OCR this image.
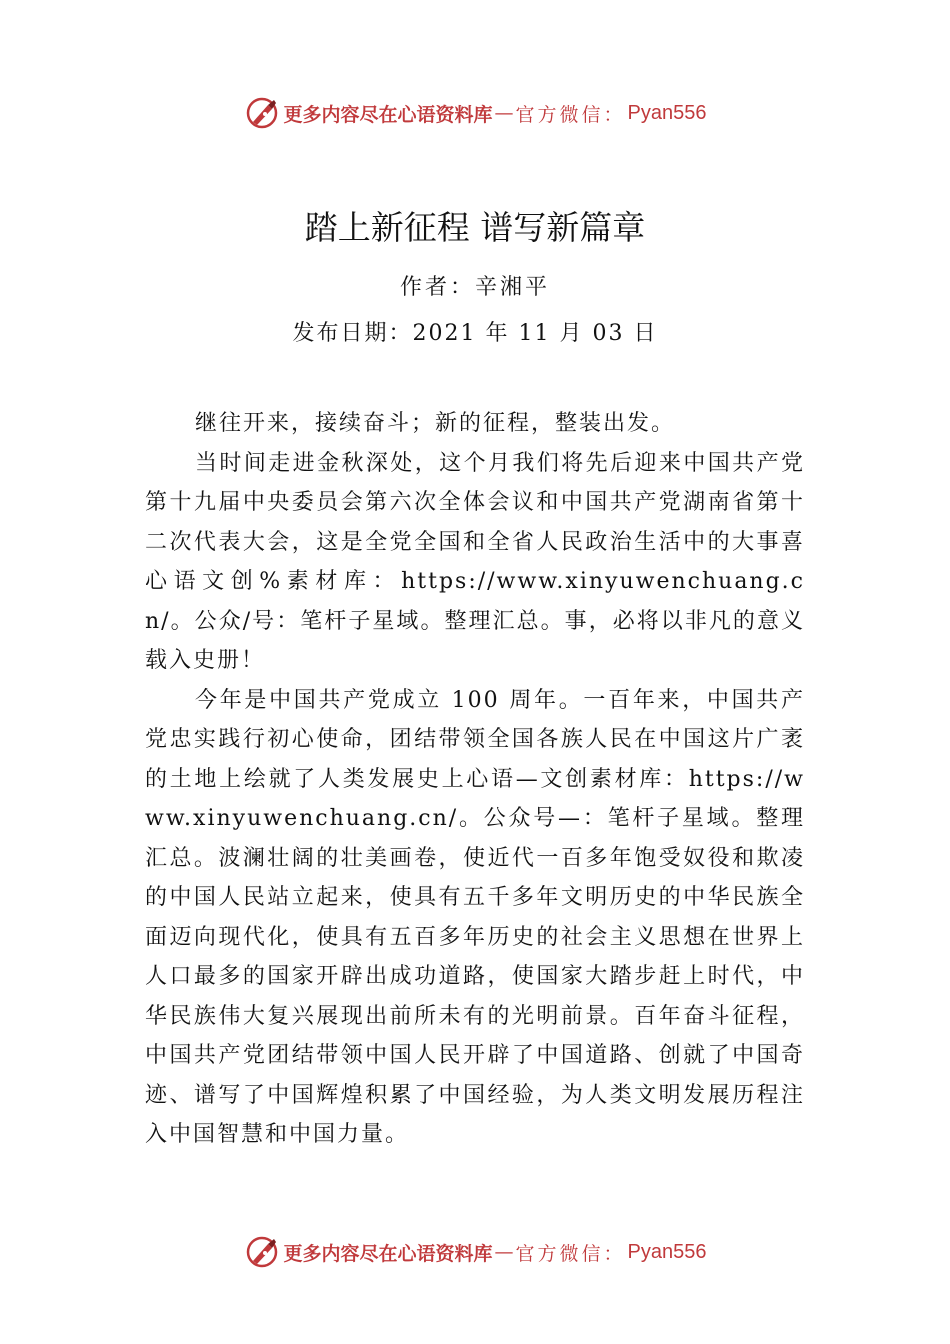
更多内容尽在心语资料库 — 官方微信： Pyan556
踏上新征程 谱写新篇章
作者：辛湘平
发布日期：2021 年 11 月 03 日

继往开来，接续奋斗；新的征程，整装出发。

当时间走进金秋深处，这个月我们将先后迎来中国共产党第十九届中央委员会第六次全体会议和中国共产党湖南省第十二次代表大会，这是全党全国和全省人民政治生活中的大事喜心语文创%素材库：https://www.xinyuwenchuang.cn/。公众/号：笔杆子星域。整理汇总。事，必将以非凡的意义载入史册！

今年是中国共产党成立 100 周年。一百年来，中国共产党忠实践行初心使命，团结带领全国各族人民在中国这片广袤的土地上绘就了人类发展史上心语—文创素材库：https://www.xinyuwenchuang.cn/。公众号—：笔杆子星域。整理汇总。波澜壮阔的壮美画卷，使近代一百多年饱受奴役和欺凌的中国人民站立起来，使具有五千多年文明历史的中华民族全面迈向现代化，使具有五百多年历史的社会主义思想在世界上人口最多的国家开辟出成功道路，使国家大踏步赶上时代，中华民族伟大复兴展现出前所未有的光明前景。百年奋斗征程，中国共产党团结带领中国人民开辟了中国道路、创就了中国奇迹、谱写了中国辉煌积累了中国经验，为人类文明发展历程注入中国智慧和中国力量。

更多内容尽在心语资料库 — 官方微信： Pyan556
